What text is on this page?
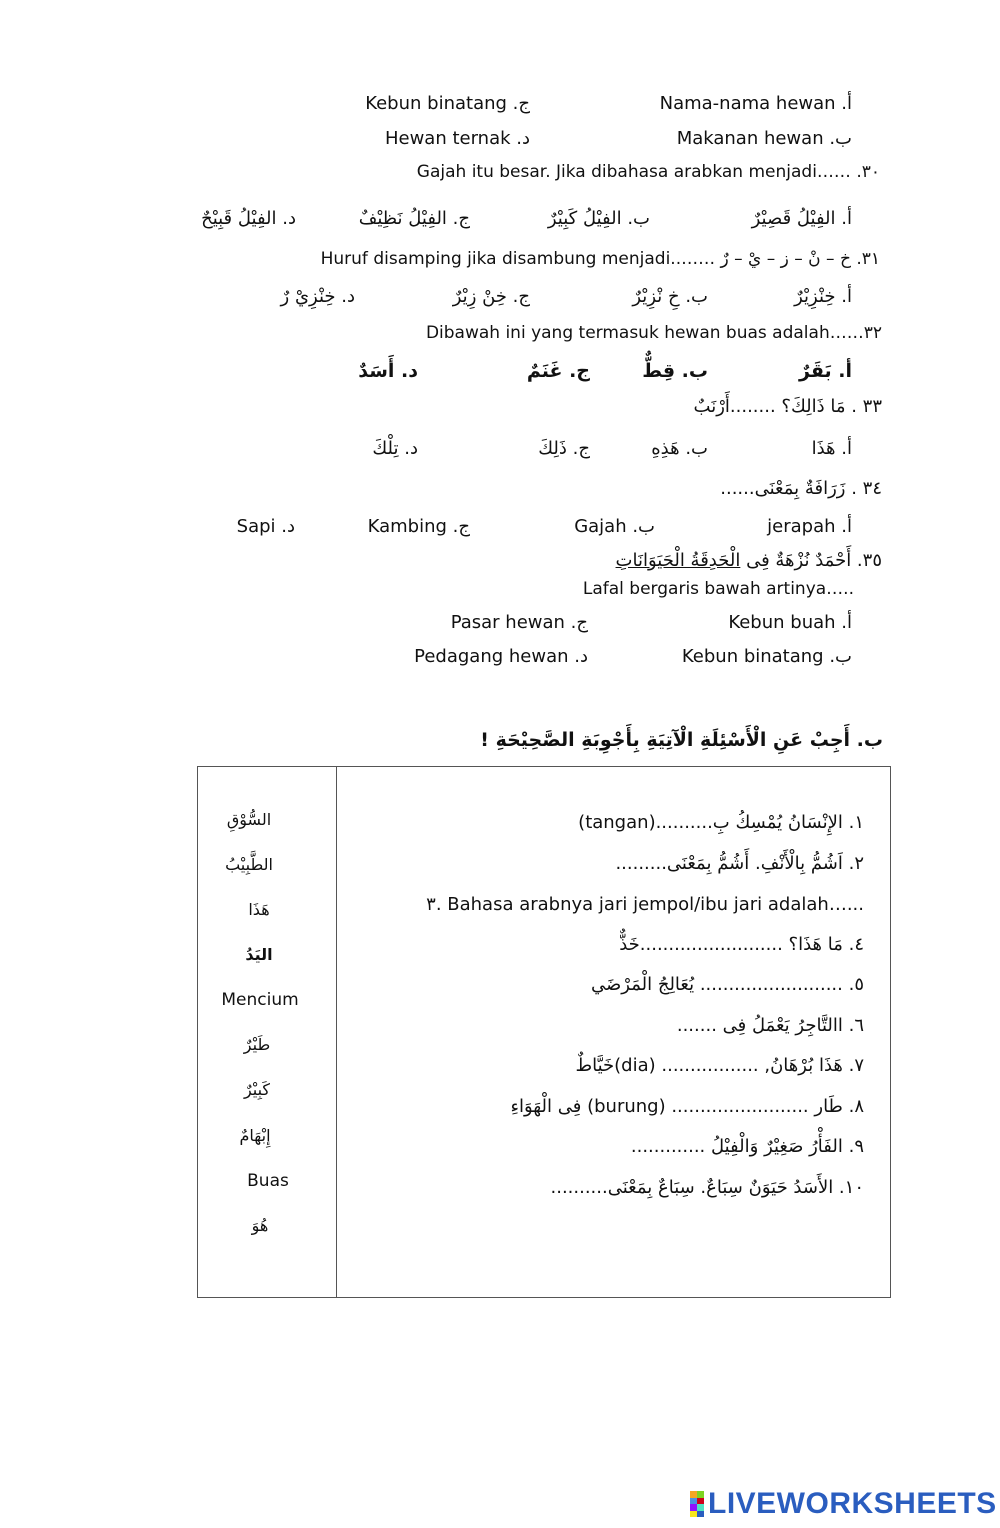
أ. Nama-nama hewan
ج. Kebun binatang
ب. Makanan hewan
د. Hewan ternak
Gajah itu besar. Jika dibahasa arabkan menjadi…… .٣٠
أ. الفِيْلُ قَصِيْرٌ
ب. الفِيْلُ كَبِيْرٌ
ج. الفِيْلُ نَظِيْفٌ
د. الفِيْلُ قَبِيْحٌ
٣١. خ – نْ – ز – يْ – رٌ ……..Huruf disamping jika disambung menjadi
أ. خِنْزِيْرٌ
ب. خِ نْزِيْرٌ
ج. خِنْ زِيْرٌ
د. خِنْزِيْ رٌ
Dibawah ini yang termasuk hewan buas adalah……٣٢
أ. بَقَرٌ
ب. قِطٌّ
ج. غَنَمٌ
د. أَسَدٌ
٣٣ . مَا ذَالِكَ؟ ........أَرْنَبٌ
أ. هَذَا
ب. هَذِهِ
ج. ذَلِكَ
د. تِلْكَ
٣٤ . زَرَافَةٌ بِمَعْنَى......
أ. jerapah
ب. Gajah
ج. Kambing
د. Sapi
٣٥. أَحْمَدٌ نُزْهَةٌ فِى الْحَدِقَةُ الْحَيَوَانَاتِ
Lafal bergaris bawah artinya…..
أ. Kebun buah
ج. Pasar hewan
ب. Kebun binatang
د. Pedagang hewan
ب. أَجِبْ عَنِ الْأَسْئِلَةِ الْآتِيَةِ بِأَجْوِبَةِ الصَّحِيْحَةِ !
السُّوْقِ
الطَّبِيْبُ
هَذَا
اليَدُ
Mencium
طَيْرٌ
كَبِيْرٌ
إِبْهَامٌ
Buas
هُوَ
١. الإِنْسَانُ يُمْسِكُ بِ..........(tangan)
٢. اَشُمُّ بِالْأَنْفِ. أَشُمُّ بِمَعْنَى.........
٣. Bahasa arabnya jari jempol/ibu jari adalah…...
٤. مَا هَذَا؟ .........................خَذٌّ
٥. ......................... يُعَالِجُ الْمَرْضَي
٦. االتَّاجِرُ يَعْمَلُ فِى .......
٧. هَذَا بُرْهَانُ, ................. (dia)خَيَّاطٌ
٨. طَار ........................ (burung) فِى الْهَوَاءِ
٩. الفَأْرُ صَغِيْرٌ وَالْفِيْلُ .............
١٠. الأَسَدُ حَيَوَنٌ سِبَاعٌ. سِبَاعٌ بِمَعْنَى..........
LIVEWORKSHEETS
